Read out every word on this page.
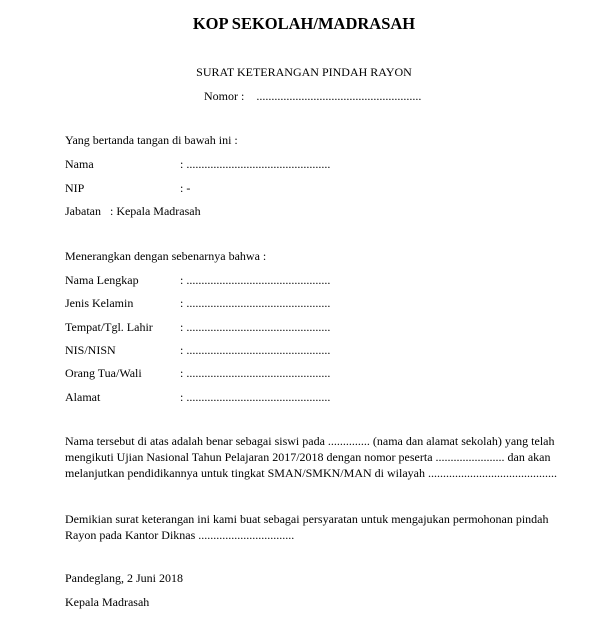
KOP SEKOLAH/MADRASAH
SURAT KETERANGAN PINDAH RAYON
Nomor : .......................................................
Yang bertanda tangan di bawah ini :
Nama	: ................................................
NIP	: -
Jabatan   : Kepala Madrasah
Menerangkan dengan sebenarnya bahwa :
Nama Lengkap	: ................................................
Jenis Kelamin	: ................................................
Tempat/Tgl. Lahir : ................................................
NIS/NISN	: ................................................
Orang Tua/Wali	: ................................................
Alamat	: ................................................
Nama tersebut di atas adalah benar sebagai siswi pada .............. (nama dan alamat sekolah) yang telah
mengikuti Ujian Nasional Tahun Pelajaran 2017/2018 dengan nomor peserta ....................... dan akan
melanjutkan pendidikannya untuk tingkat SMAN/SMKN/MAN di wilayah ...........................................
Demikian surat keterangan ini kami buat sebagai persyaratan untuk mengajukan permohonan pindah
Rayon pada Kantor Diknas ................................
Pandeglang, 2 Juni 2018
Kepala Madrasah
